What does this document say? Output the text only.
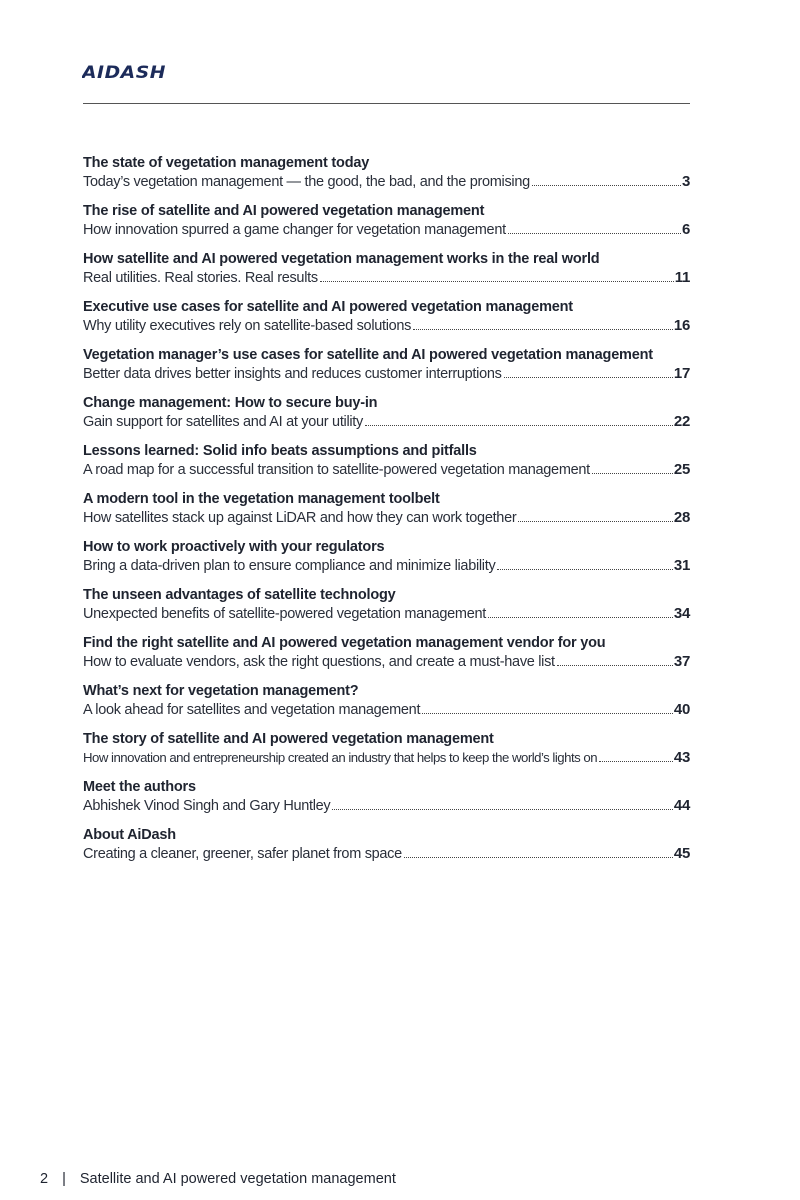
AIDASH
The state of vegetation management today
Today’s vegetation management — the good, the bad, and the promising	3
The rise of satellite and AI powered vegetation management
How innovation spurred a game changer for vegetation management	6
How satellite and AI powered vegetation management works in the real world
Real utilities. Real stories. Real results	11
Executive use cases for satellite and AI powered vegetation management
Why utility executives rely on satellite-based solutions	16
Vegetation manager’s use cases for satellite and AI powered vegetation management
Better data drives better insights and reduces customer interruptions	17
Change management: How to secure buy-in
Gain support for satellites and AI at your utility	22
Lessons learned: Solid info beats assumptions and pitfalls
A road map for a successful transition to satellite-powered vegetation management	25
A modern tool in the vegetation management toolbelt
How satellites stack up against LiDAR and how they can work together	28
How to work proactively with your regulators
Bring a data-driven plan to ensure compliance and minimize liability	31
The unseen advantages of satellite technology
Unexpected benefits of satellite-powered vegetation management	34
Find the right satellite and AI powered vegetation management vendor for you
How to evaluate vendors, ask the right questions, and create a must-have list	37
What’s next for vegetation management?
A look ahead for satellites and vegetation management	40
The story of satellite and AI powered vegetation management
How innovation and entrepreneurship created an industry that helps to keep the world’s lights on	43
Meet the authors
Abhishek Vinod Singh and Gary Huntley	44
About AiDash
Creating a cleaner, greener, safer planet from space	45
2 | Satellite and AI powered vegetation management
